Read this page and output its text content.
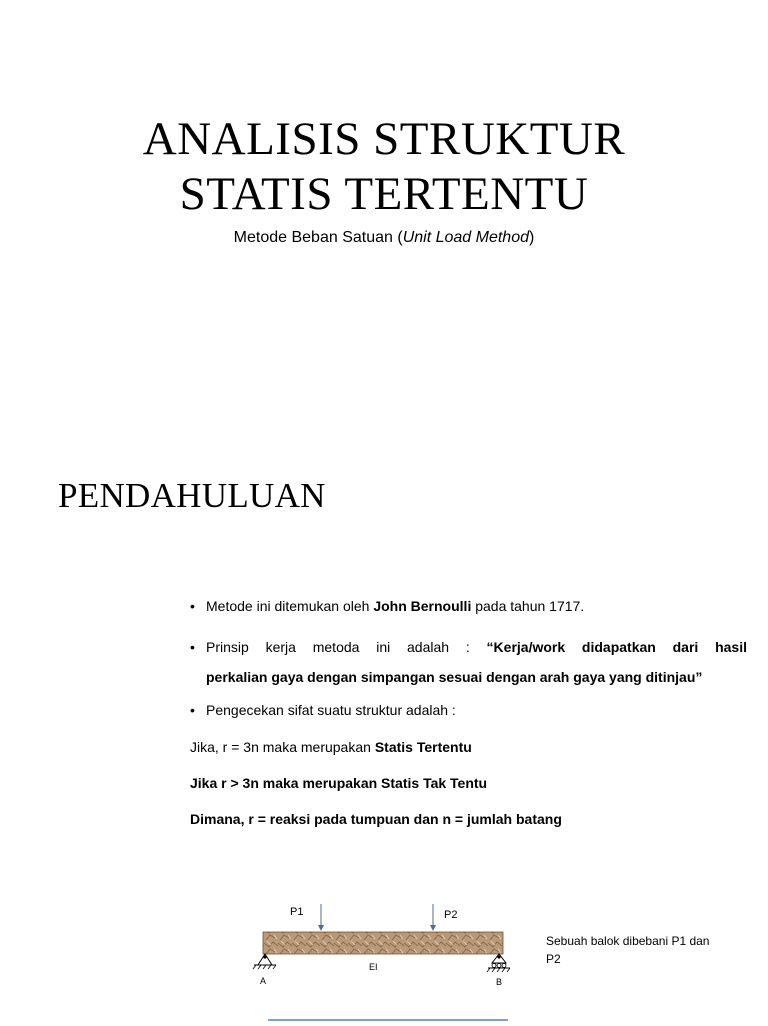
ANALISIS STRUKTUR
STATIS TERTENTU
Metode Beban Satuan (Unit Load Method)
PENDAHULUAN
• Metode ini ditemukan oleh John Bernoulli pada tahun 1717.
• Prinsip kerja metoda ini adalah : “Kerja/work didapatkan dari hasil
perkalian gaya dengan simpangan sesuai dengan arah gaya yang ditinjau”
• Pengecekan sifat suatu struktur adalah :
Jika, r = 3n maka merupakan Statis Tertentu
Jika r > 3n maka merupakan Statis Tak Tentu
Dimana, r = reaksi pada tumpuan dan n = jumlah batang
P1	P2
EI
A	B
Sebuah balok dibebani P1 dan P2
